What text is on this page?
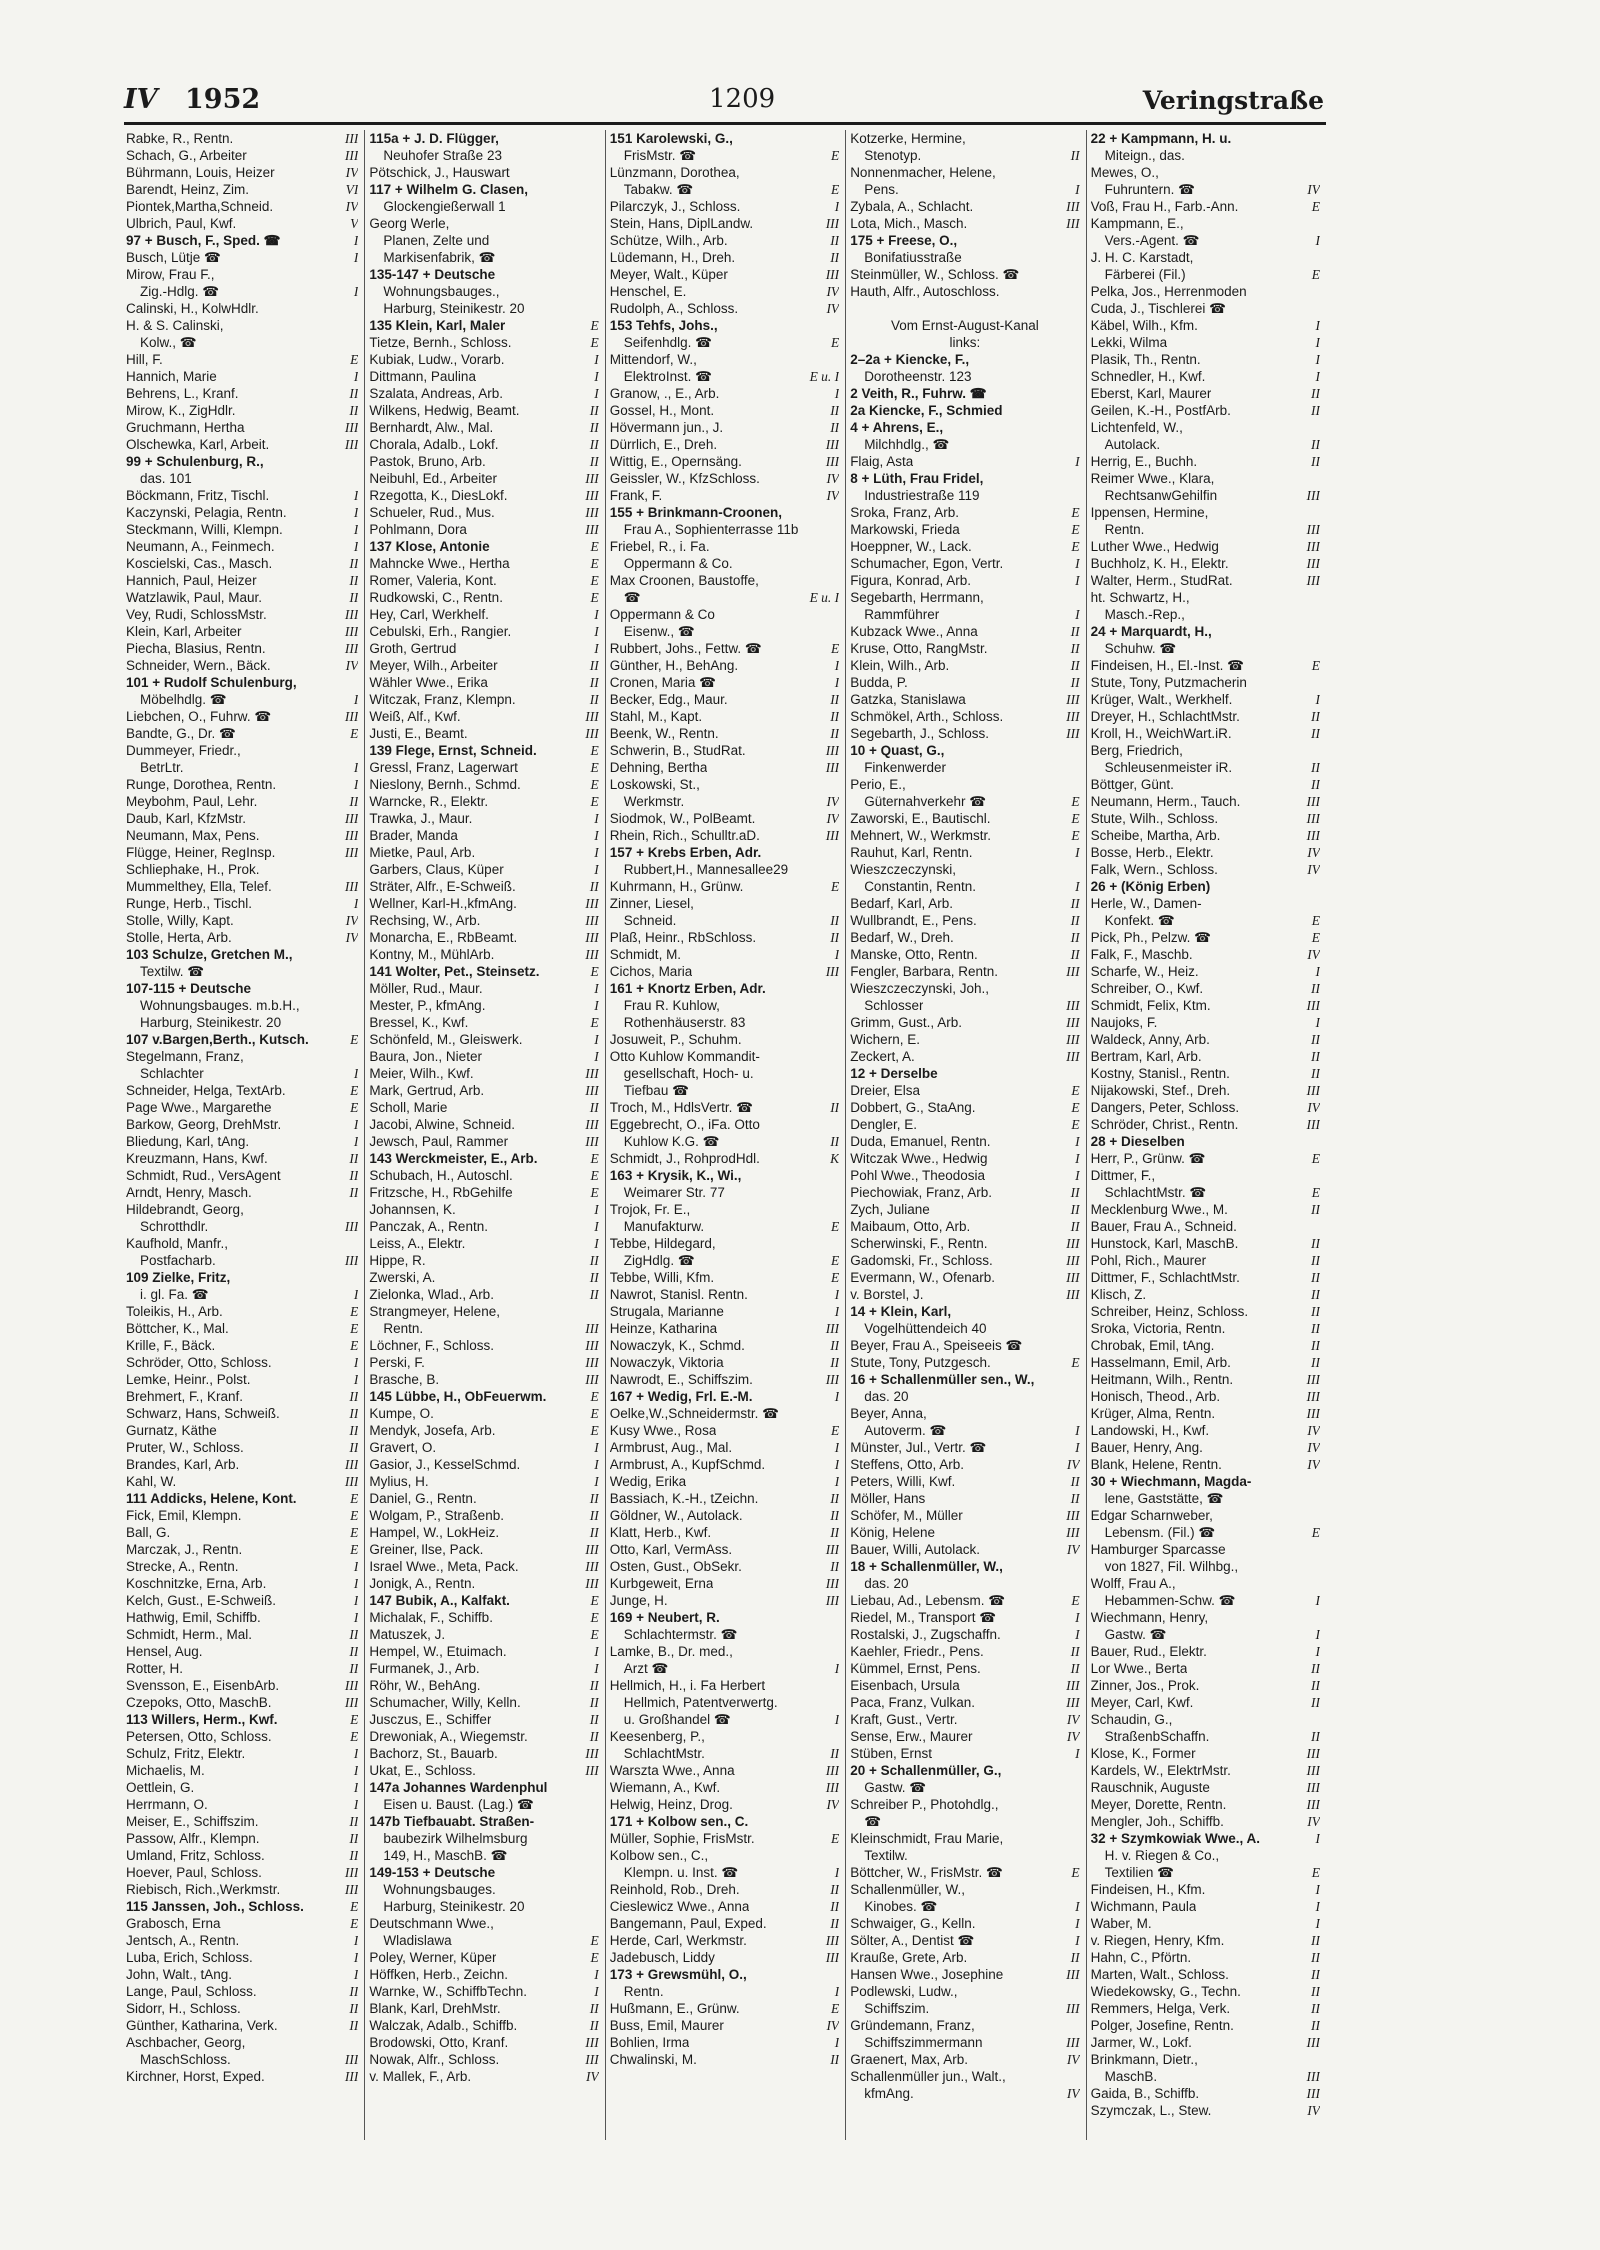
IV 1952	1209	Veringstraße
Rabke, R., Rentn.	III
Schach, G., Arbeiter	III
Bührmann, Louis, Heizer	IV
Barendt, Heinz, Zim.	VI
Piontek,Martha,Schneid.	IV
Ulbrich, Paul, Kwf.	V
97 + Busch, F., Sped. ☎	I
Busch, Lütje ☎	I
Mirow, Frau F.,
Zig.-Hdlg. ☎	I
Calinski, H., KolwHdlr.
H. & S. Calinski,
Kolw., ☎
Hill, F.	E
Hannich, Marie	I
Behrens, L., Kranf.	II
Mirow, K., ZigHdlr.	II
Gruchmann, Hertha	III
Olschewka, Karl, Arbeit.	III
99 + Schulenburg, R.,
das. 101
Böckmann, Fritz, Tischl.	I
Kaczynski, Pelagia, Rentn.	I
Steckmann, Willi, Klempn.	I
Neumann, A., Feinmech.	I
Koscielski, Cas., Masch.	II
Hannich, Paul, Heizer	II
Watzlawik, Paul, Maur.	II
Vey, Rudi, SchlossMstr.	III
Klein, Karl, Arbeiter	III
Piecha, Blasius, Rentn.	III
Schneider, Wern., Bäck.	IV
101 + Rudolf Schulenburg,
Möbelhdlg. ☎	I
Liebchen, O., Fuhrw. ☎	III
Bandte, G., Dr. ☎	E
Dummeyer, Friedr.,
BetrLtr.	I
Runge, Dorothea, Rentn.	I
Meybohm, Paul, Lehr.	II
Daub, Karl, KfzMstr.	III
Neumann, Max, Pens.	III
Flügge, Heiner, RegInsp.	III
Schliephake, H., Prok.
Mummelthey, Ella, Telef.	III
Runge, Herb., Tischl.	I
Stolle, Willy, Kapt.	IV
Stolle, Herta, Arb.	IV
103 Schulze, Gretchen M.,
Textilw. ☎
107-115 + Deutsche
Wohnungsbauges. m.b.H.,
Harburg, Steinikestr. 20
107 v.Bargen,Berth., Kutsch.	E
Stegelmann, Franz,
Schlachter	I
Schneider, Helga, TextArb.	E
Page Wwe., Margarethe	E
Barkow, Georg, DrehMstr.	I
Bliedung, Karl, tAng.	I
Kreuzmann, Hans, Kwf.	II
Schmidt, Rud., VersAgent	II
Arndt, Henry, Masch.	II
Hildebrandt, Georg,
Schrotthdlr.	III
Kaufhold, Manfr.,
Postfacharb.	III
109 Zielke, Fritz,
i. gl. Fa. ☎	I
Toleikis, H., Arb.	E
Böttcher, K., Mal.	E
Krille, F., Bäck.	E
Schröder, Otto, Schloss.	I
Lemke, Heinr., Polst.	I
Brehmert, F., Kranf.	II
Schwarz, Hans, Schweiß.	II
Gurnatz, Käthe	II
Pruter, W., Schloss.	II
Brandes, Karl, Arb.	III
Kahl, W.	III
111 Addicks, Helene, Kont.	E
Fick, Emil, Klempn.	E
Ball, G.	E
Marczak, J., Rentn.	E
Strecke, A., Rentn.	I
Koschnitzke, Erna, Arb.	I
Kelch, Gust., E-Schweiß.	I
Hathwig, Emil, Schiffb.	I
Schmidt, Herm., Mal.	II
Hensel, Aug.	II
Rotter, H.	II
Svensson, E., EisenbArb.	III
Czepoks, Otto, MaschB.	III
113 Willers, Herm., Kwf.	E
Petersen, Otto, Schloss.	E
Schulz, Fritz, Elektr.	I
Michaelis, M.	I
Oettlein, G.	I
Herrmann, O.	I
Meiser, E., Schiffszim.	II
Passow, Alfr., Klempn.	II
Umland, Fritz, Schloss.	II
Hoever, Paul, Schloss.	III
Riebisch, Rich.,Werkmstr.	III
115 Janssen, Joh., Schloss.	E
Grabosch, Erna	E
Jentsch, A., Rentn.	I
Luba, Erich, Schloss.	I
John, Walt., tAng.	I
Lange, Paul, Schloss.	II
Sidorr, H., Schloss.	II
Günther, Katharina, Verk.	II
Aschbacher, Georg,
MaschSchloss.	III
Kirchner, Horst, Exped.	III
115a + J. D. Flügger,
Neuhofer Straße 23
Pötschick, J., Hauswart
117 + Wilhelm G. Clasen,
Glockengießerwall 1
Georg Werle,
Planen, Zelte und
Markisenfabrik, ☎
135-147 + Deutsche
Wohnungsbauges.,
Harburg, Steinikestr. 20
135 Klein, Karl, Maler	E
Tietze, Bernh., Schloss.	E
Kubiak, Ludw., Vorarb.	I
Dittmann, Paulina	I
Szalata, Andreas, Arb.	I
Wilkens, Hedwig, Beamt.	II
Bernhardt, Alw., Mal.	II
Chorala, Adalb., Lokf.	II
Pastok, Bruno, Arb.	II
Neibuhl, Ed., Arbeiter	III
Rzegotta, K., DiesLokf.	III
Schueler, Rud., Mus.	III
Pohlmann, Dora	III
137 Klose, Antonie	E
Mahncke Wwe., Hertha	E
Romer, Valeria, Kont.	E
Rudkowski, C., Rentn.	E
Hey, Carl, Werkhelf.	I
Cebulski, Erh., Rangier.	I
Groth, Gertrud	I
Meyer, Wilh., Arbeiter	II
Wähler Wwe., Erika	II
Witczak, Franz, Klempn.	II
Weiß, Alf., Kwf.	III
Justi, E., Beamt.	III
139 Flege, Ernst, Schneid.	E
Gressl, Franz, Lagerwart	E
Nieslony, Bernh., Schmd.	E
Warncke, R., Elektr.	E
Trawka, J., Maur.	I
Brader, Manda	I
Mietke, Paul, Arb.	I
Garbers, Claus, Küper	I
Sträter, Alfr., E-Schweiß.	II
Wellner, Karl-H.,kfmAng.	III
Rechsing, W., Arb.	III
Monarcha, E., RbBeamt.	III
Kontny, M., MühlArb.	III
141 Wolter, Pet., Steinsetz.	E
Möller, Rud., Maur.	I
Mester, P., kfmAng.	I
Bressel, K., Kwf.	E
Schönfeld, M., Gleiswerk.	I
Baura, Jon., Nieter	I
Meier, Wilh., Kwf.	III
Mark, Gertrud, Arb.	III
Scholl, Marie	II
Jacobi, Alwine, Schneid.	III
Jewsch, Paul, Rammer	III
143 Werckmeister, E., Arb.	E
Schubach, H., Autoschl.	E
Fritzsche, H., RbGehilfe	E
Johannsen, K.	I
Panczak, A., Rentn.	I
Leiss, A., Elektr.	I
Hippe, R.	II
Zwerski, A.	II
Zielonka, Wlad., Arb.	II
Strangmeyer, Helene,
Rentn.	III
Löchner, F., Schloss.	III
Perski, F.	III
Brasche, B.	III
145 Lübbe, H., ObFeuerwm.	E
Kumpe, O.	E
Mendyk, Josefa, Arb.	E
Gravert, O.	I
Gasior, J., KesselSchmd.	I
Mylius, H.	I
Daniel, G., Rentn.	II
Wolgam, P., Straßenb.	II
Hampel, W., LokHeiz.	II
Greiner, Ilse, Pack.	III
Israel Wwe., Meta, Pack.	III
Jonigk, A., Rentn.	III
147 Bubik, A., Kalfakt.	E
Michalak, F., Schiffb.	E
Matuszek, J.	E
Hempel, W., Etuimach.	I
Furmanek, J., Arb.	I
Röhr, W., BehAng.	II
Schumacher, Willy, Kelln.	II
Jusczus, E., Schiffer	II
Drewoniak, A., Wiegemstr.	II
Bachorz, St., Bauarb.	III
Ukat, E., Schloss.	III
147a Johannes Wardenphul
Eisen u. Baust. (Lag.) ☎
147b Tiefbauabt. Straßen-
baubezirk Wilhelmsburg
149, H., MaschB. ☎
149-153 + Deutsche
Wohnungsbauges.
Harburg, Steinikestr. 20
Deutschmann Wwe.,
Wladislawa	E
Poley, Werner, Küper	E
Höffken, Herb., Zeichn.	I
Warnke, W., SchiffbTechn.	I
Blank, Karl, DrehMstr.	II
Walczak, Adalb., Schiffb.	II
Brodowski, Otto, Kranf.	III
Nowak, Alfr., Schloss.	III
v. Mallek, F., Arb.	IV
151 Karolewski, G.,
FrisMstr. ☎	E
Lünzmann, Dorothea,
Tabakw. ☎	E
Pilarczyk, J., Schloss.	I
Stein, Hans, DiplLandw.	III
Schütze, Wilh., Arb.	II
Lüdemann, H., Dreh.	II
Meyer, Walt., Küper	III
Henschel, E.	IV
Rudolph, A., Schloss.	IV
153 Tehfs, Johs.,
Seifenhdlg. ☎	E
Mittendorf, W.,
ElektroInst. ☎	E u. I
Granow, ., E., Arb.	I
Gossel, H., Mont.	II
Hövermann jun., J.	II
Dürrlich, E., Dreh.	III
Wittig, E., Opernsäng.	III
Geissler, W., KfzSchloss.	IV
Frank, F.	IV
155 + Brinkmann-Croonen,
Frau A., Sophienterrasse 11b
Friebel, R., i. Fa.
Oppermann & Co.
Max Croonen, Baustoffe,
☎	E u. I
Oppermann & Co
Eisenw., ☎
Rubbert, Johs., Fettw. ☎	E
Günther, H., BehAng.	I
Cronen, Maria ☎	I
Becker, Edg., Maur.	II
Stahl, M., Kapt.	II
Beenk, W., Rentn.	II
Schwerin, B., StudRat.	III
Dehning, Bertha	III
Loskowski, St.,
Werkmstr.	IV
Siodmok, W., PolBeamt.	IV
Rhein, Rich., Schulltr.aD.	III
157 + Krebs Erben, Adr.
Rubbert,H., Mannesallee29
Kuhrmann, H., Grünw.	E
Zinner, Liesel,
Schneid.	II
Plaß, Heinr., RbSchloss.	II
Schmidt, M.	I
Cichos, Maria	III
161 + Knortz Erben, Adr.
Frau R. Kuhlow,
Rothenhäuserstr. 83
Josuweit, P., Schuhm.
Otto Kuhlow Kommandit-
gesellschaft, Hoch- u.
Tiefbau ☎
Troch, M., HdlsVertr. ☎	II
Eggebrecht, O., iFa. Otto
Kuhlow K.G. ☎	II
Schmidt, J., RohprodHdl.	K
163 + Krysik, K., Wi.,
Weimarer Str. 77
Trojok, Fr. E.,
Manufakturw.	E
Tebbe, Hildegard,
ZigHdlg. ☎	E
Tebbe, Willi, Kfm.	E
Nawrot, Stanisl. Rentn.	I
Strugala, Marianne	I
Heinze, Katharina	III
Nowaczyk, K., Schmd.	II
Nowaczyk, Viktoria	II
Nawrodt, E., Schiffszim.	III
167 + Wedig, Frl. E.-M.	I
Oelke,W.,Schneidermstr. ☎
Kusy Wwe., Rosa	E
Armbrust, Aug., Mal.	I
Armbrust, A., KupfSchmd.	I
Wedig, Erika	I
Bassiach, K.-H., tZeichn.	II
Göldner, W., Autolack.	II
Klatt, Herb., Kwf.	II
Otto, Karl, VermAss.	III
Osten, Gust., ObSekr.	II
Kurbgeweit, Erna	III
Junge, H.	III
169 + Neubert, R.
Schlachtermstr. ☎
Lamke, B., Dr. med.,
Arzt ☎	I
Hellmich, H., i. Fa Herbert
Hellmich, Patentverwertg.
u. Großhandel ☎	I
Keesenberg, P.,
SchlachtMstr.	II
Warszta Wwe., Anna	III
Wiemann, A., Kwf.	III
Helwig, Heinz, Drog.	IV
171 + Kolbow sen., C.
Müller, Sophie, FrisMstr.	E
Kolbow sen., C.,
Klempn. u. Inst. ☎	I
Reinhold, Rob., Dreh.	II
Cieslewicz Wwe., Anna	II
Bangemann, Paul, Exped.	II
Herde, Carl, Werkmstr.	III
Jadebusch, Liddy	III
173 + Grewsmühl, O.,
Rentn.	I
Hußmann, E., Grünw.	E
Buss, Emil, Maurer	IV
Bohlien, Irma	I
Chwalinski, M.	II
Kotzerke, Hermine,
Stenotyp.	II
Nonnenmacher, Helene,
Pens.	I
Zybala, A., Schlacht.	III
Lota, Mich., Masch.	III
175 + Freese, O.,
Bonifatiusstraße
Steinmüller, W., Schloss. ☎
Hauth, Alfr., Autoschloss.
Vom Ernst-August-Kanal
links:
2–2a + Kiencke, F.,
Dorotheenstr. 123
2 Veith, R., Fuhrw. ☎
2a Kiencke, F., Schmied
4 + Ahrens, E.,
Milchhdlg., ☎
Flaig, Asta	I
8 + Lüth, Frau Fridel,
Industriestraße 119
Sroka, Franz, Arb.	E
Markowski, Frieda	E
Hoeppner, W., Lack.	E
Schumacher, Egon, Vertr.	I
Figura, Konrad, Arb.	I
Segebarth, Herrmann,
Rammführer	I
Kubzack Wwe., Anna	II
Kruse, Otto, RangMstr.	II
Klein, Wilh., Arb.	II
Budda, P.	II
Gatzka, Stanislawa	III
Schmökel, Arth., Schloss.	III
Segebarth, J., Schloss.	III
10 + Quast, G.,
Finkenwerder
Perio, E.,
Güternahverkehr ☎	E
Zaworski, E., Bautischl.	E
Mehnert, W., Werkmstr.	E
Rauhut, Karl, Rentn.	I
Wieszczeczynski,
Constantin, Rentn.	I
Bedarf, Karl, Arb.	II
Wullbrandt, E., Pens.	II
Bedarf, W., Dreh.	II
Manske, Otto, Rentn.	II
Fengler, Barbara, Rentn.	III
Wieszczeczynski, Joh.,
Schlosser	III
Grimm, Gust., Arb.	III
Wichern, E.	III
Zeckert, A.	III
12 + Derselbe
Dreier, Elsa	E
Dobbert, G., StaAng.	E
Dengler, E.	E
Duda, Emanuel, Rentn.	I
Witczak Wwe., Hedwig	I
Pohl Wwe., Theodosia	I
Piechowiak, Franz, Arb.	II
Zych, Juliane	II
Maibaum, Otto, Arb.	II
Scherwinski, F., Rentn.	III
Gadomski, Fr., Schloss.	III
Evermann, W., Ofenarb.	III
v. Borstel, J.	III
14 + Klein, Karl,
Vogelhüttendeich 40
Beyer, Frau A., Speiseeis ☎
Stute, Tony, Putzgesch.	E
16 + Schallenmüller sen., W.,
das. 20
Beyer, Anna,
Autoverm. ☎	I
Münster, Jul., Vertr. ☎	I
Steffens, Otto, Arb.	IV
Peters, Willi, Kwf.	II
Möller, Hans	II
Schöfer, M., Müller	III
König, Helene	III
Bauer, Willi, Autolack.	IV
18 + Schallenmüller, W.,
das. 20
Liebau, Ad., Lebensm. ☎	E
Riedel, M., Transport ☎	I
Rostalski, J., Zugschaffn.	I
Kaehler, Friedr., Pens.	II
Kümmel, Ernst, Pens.	II
Eisenbach, Ursula	III
Paca, Franz, Vulkan.	III
Kraft, Gust., Vertr.	IV
Sense, Erw., Maurer	IV
Stüben, Ernst	I
20 + Schallenmüller, G.,
Gastw. ☎
Schreiber P., Photohdlg.,
☎
Kleinschmidt, Frau Marie,
Textilw.
Böttcher, W., FrisMstr. ☎	E
Schallenmüller, W.,
Kinobes. ☎	I
Schwaiger, G., Kelln.	I
Sölter, A., Dentist ☎	I
Krauße, Grete, Arb.	II
Hansen Wwe., Josephine	III
Podlewski, Ludw.,
Schiffszim.	III
Gründemann, Franz,
Schiffszimmermann	III
Graenert, Max, Arb.	IV
Schallenmüller jun., Walt.,
kfmAng.	IV
22 + Kampmann, H. u.
Miteign., das.
Mewes, O.,
Fuhruntern. ☎	IV
Voß, Frau H., Farb.-Ann.	E
Kampmann, E.,
Vers.-Agent. ☎	I
J. H. C. Karstadt,
Färberei (Fil.)	E
Pelka, Jos., Herrenmoden
Cuda, J., Tischlerei ☎
Käbel, Wilh., Kfm.	I
Lekki, Wilma	I
Plasik, Th., Rentn.	I
Schnedler, H., Kwf.	I
Eberst, Karl, Maurer	II
Geilen, K.-H., PostfArb.	II
Lichtenfeld, W.,
Autolack.	II
Herrig, E., Buchh.	II
Reimer Wwe., Klara,
RechtsanwGehilfin	III
Ippensen, Hermine,
Rentn.	III
Luther Wwe., Hedwig	III
Buchholz, K. H., Elektr.	III
Walter, Herm., StudRat.	III
ht. Schwartz, H.,
Masch.-Rep.,
24 + Marquardt, H.,
Schuhw. ☎
Findeisen, H., El.-Inst. ☎	E
Stute, Tony, Putzmacherin
Krüger, Walt., Werkhelf.	I
Dreyer, H., SchlachtMstr.	II
Kroll, H., WeichWart.iR.	II
Berg, Friedrich,
Schleusenmeister iR.	II
Böttger, Günt.	II
Neumann, Herm., Tauch.	III
Stute, Wilh., Schloss.	III
Scheibe, Martha, Arb.	III
Bosse, Herb., Elektr.	IV
Falk, Wern., Schloss.	IV
26 + (König Erben)
Herle, W., Damen-
Konfekt. ☎	E
Pick, Ph., Pelzw. ☎	E
Falk, F., Maschb.	IV
Scharfe, W., Heiz.	I
Schreiber, O., Kwf.	II
Schmidt, Felix, Ktm.	III
Naujoks, F.	I
Waldeck, Anny, Arb.	II
Bertram, Karl, Arb.	II
Kostny, Stanisl., Rentn.	II
Nijakowski, Stef., Dreh.	III
Dangers, Peter, Schloss.	IV
Schröder, Christ., Rentn.	III
28 + Dieselben
Herr, P., Grünw. ☎	E
Dittmer, F.,
SchlachtMstr. ☎	E
Mecklenburg Wwe., M.	II
Bauer, Frau A., Schneid.
Hunstock, Karl, MaschB.	II
Pohl, Rich., Maurer	II
Dittmer, F., SchlachtMstr.	II
Klisch, Z.	II
Schreiber, Heinz, Schloss.	II
Sroka, Victoria, Rentn.	II
Chrobak, Emil, tAng.	II
Hasselmann, Emil, Arb.	II
Heitmann, Wilh., Rentn.	III
Honisch, Theod., Arb.	III
Krüger, Alma, Rentn.	III
Landowski, H., Kwf.	IV
Bauer, Henry, Ang.	IV
Blank, Helene, Rentn.	IV
30 + Wiechmann, Magda-
lene, Gaststätte, ☎
Edgar Scharnweber,
Lebensm. (Fil.) ☎	E
Hamburger Sparcasse
von 1827, Fil. Wilhbg.,
Wolff, Frau A.,
Hebammen-Schw. ☎	I
Wiechmann, Henry,
Gastw. ☎	I
Bauer, Rud., Elektr.	I
Lor Wwe., Berta	II
Zinner, Jos., Prok.	II
Meyer, Carl, Kwf.	II
Schaudin, G.,
StraßenbSchaffn.	II
Klose, K., Former	III
Kardels, W., ElektrMstr.	III
Rauschnik, Auguste	III
Meyer, Dorette, Rentn.	III
Mengler, Joh., Schiffb.	IV
32 + Szymkowiak Wwe., A.	I
H. v. Riegen & Co.,
Textilien ☎	E
Findeisen, H., Kfm.	I
Wichmann, Paula	I
Waber, M.	I
v. Riegen, Henry, Kfm.	II
Hahn, C., Pförtn.	II
Marten, Walt., Schloss.	II
Wiedekowsky, G., Techn.	II
Remmers, Helga, Verk.	II
Polger, Josefine, Rentn.	II
Jarmer, W., Lokf.	III
Brinkmann, Dietr.,
MaschB.	III
Gaida, B., Schiffb.	III
Szymczak, L., Stew.	IV
